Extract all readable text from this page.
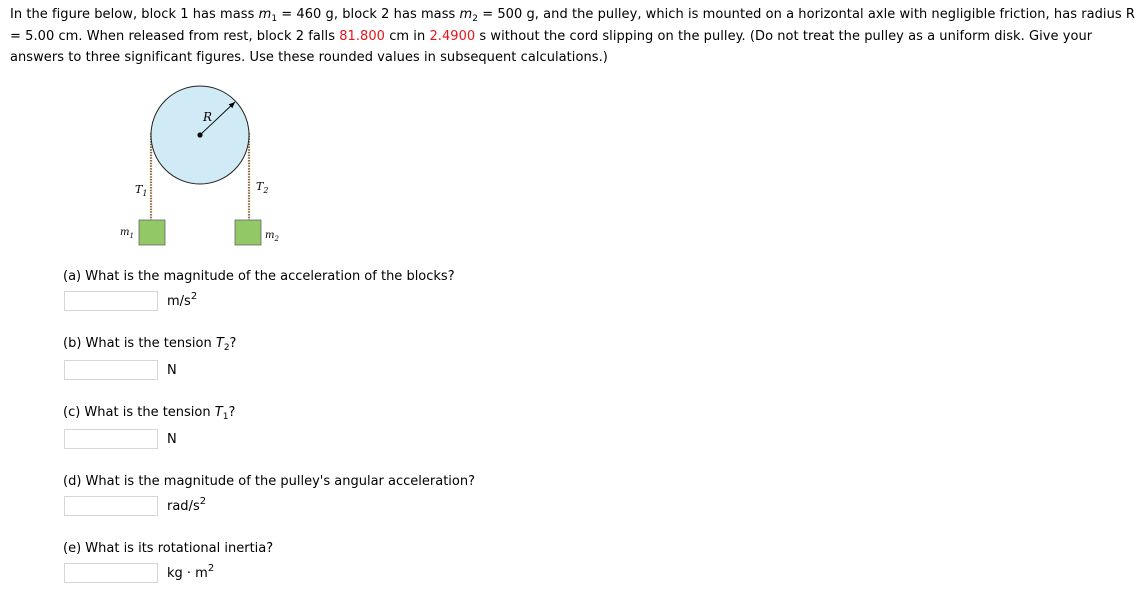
In the figure below, block 1 has mass $m_1 = 460$ g, block 2 has mass $m_2 = 500$ g, and the pulley, which is mounted on a horizontal axle with negligible friction, has radius R = 5.00 cm. When released from rest, block 2 falls 81.800 cm in 2.4900 s without the cord slipping on the pulley. (Do not treat the pulley as a uniform disk. Give your answers to three significant figures. Use these rounded values in subsequent calculations.)
R
$T_1$
$T_2$
$m_1$	$m_2$
(a) What is the magnitude of the acceleration of the blocks?
$m/s^2$
(b) What is the tension $T_2$?
N
(c) What is the tension $T_1$?
N
(d) What is the magnitude of the pulley's angular acceleration?
rad/$s^2$
(e) What is its rotational inertia?
kg · $m^2$
